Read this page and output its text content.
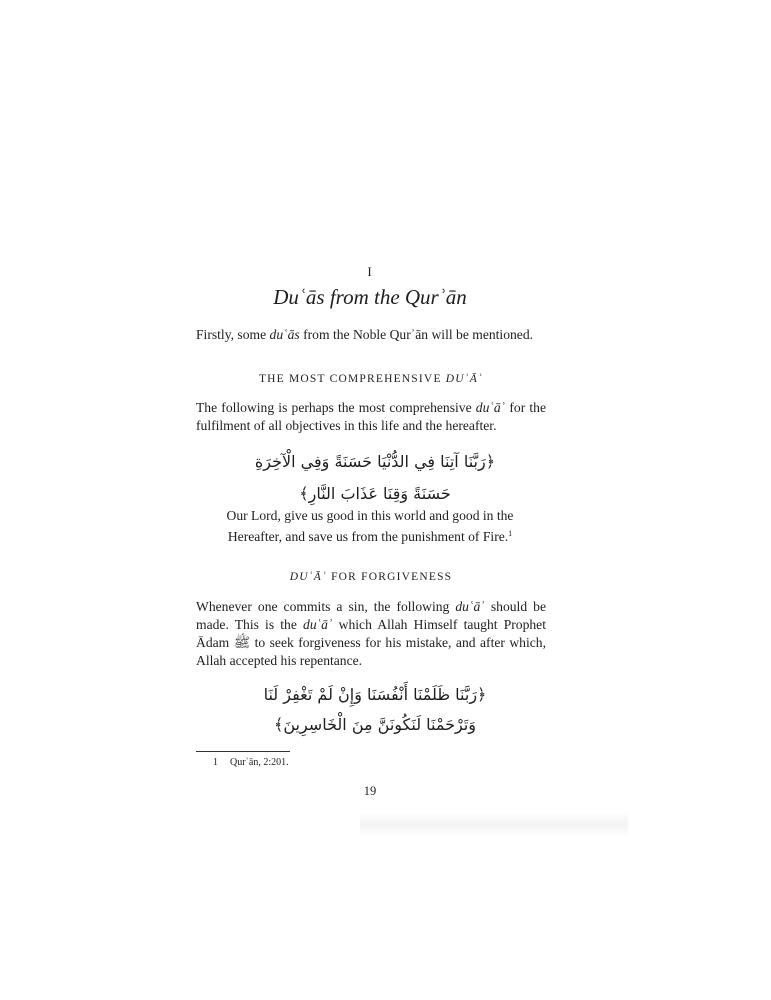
I
Duʿās from the Qurʾān
Firstly, some duʿās from the Noble Qurʾān will be mentioned.
THE MOST COMPREHENSIVE DUʿĀʾ
The following is perhaps the most comprehensive duʿāʾ for the fulfilment of all objectives in this life and the hereafter.
﴿رَبَّنَا آتِنَا فِي الدُّنْيَا حَسَنَةً وَفِي الْآخِرَةِ
حَسَنَةً وَقِنَا عَذَابَ النَّارِ﴾
Our Lord, give us good in this world and good in the
Hereafter, and save us from the punishment of Fire.$^1$
DUʿĀʾ FOR FORGIVENESS
Whenever one commits a sin, the following duʿāʾ should be made. This is the duʿāʾ which Allah Himself taught Prophet Ādam ﷺ to seek forgiveness for his mistake, and after which, Allah accepted his repentance.
﴿رَبَّنَا ظَلَمْنَا أَنْفُسَنَا وَإِنْ لَمْ تَغْفِرْ لَنَا
وَتَرْحَمْنَا لَنَكُونَنَّ مِنَ الْخَاسِرِينَ﴾
1 Qurʾān, 2:201.
19
